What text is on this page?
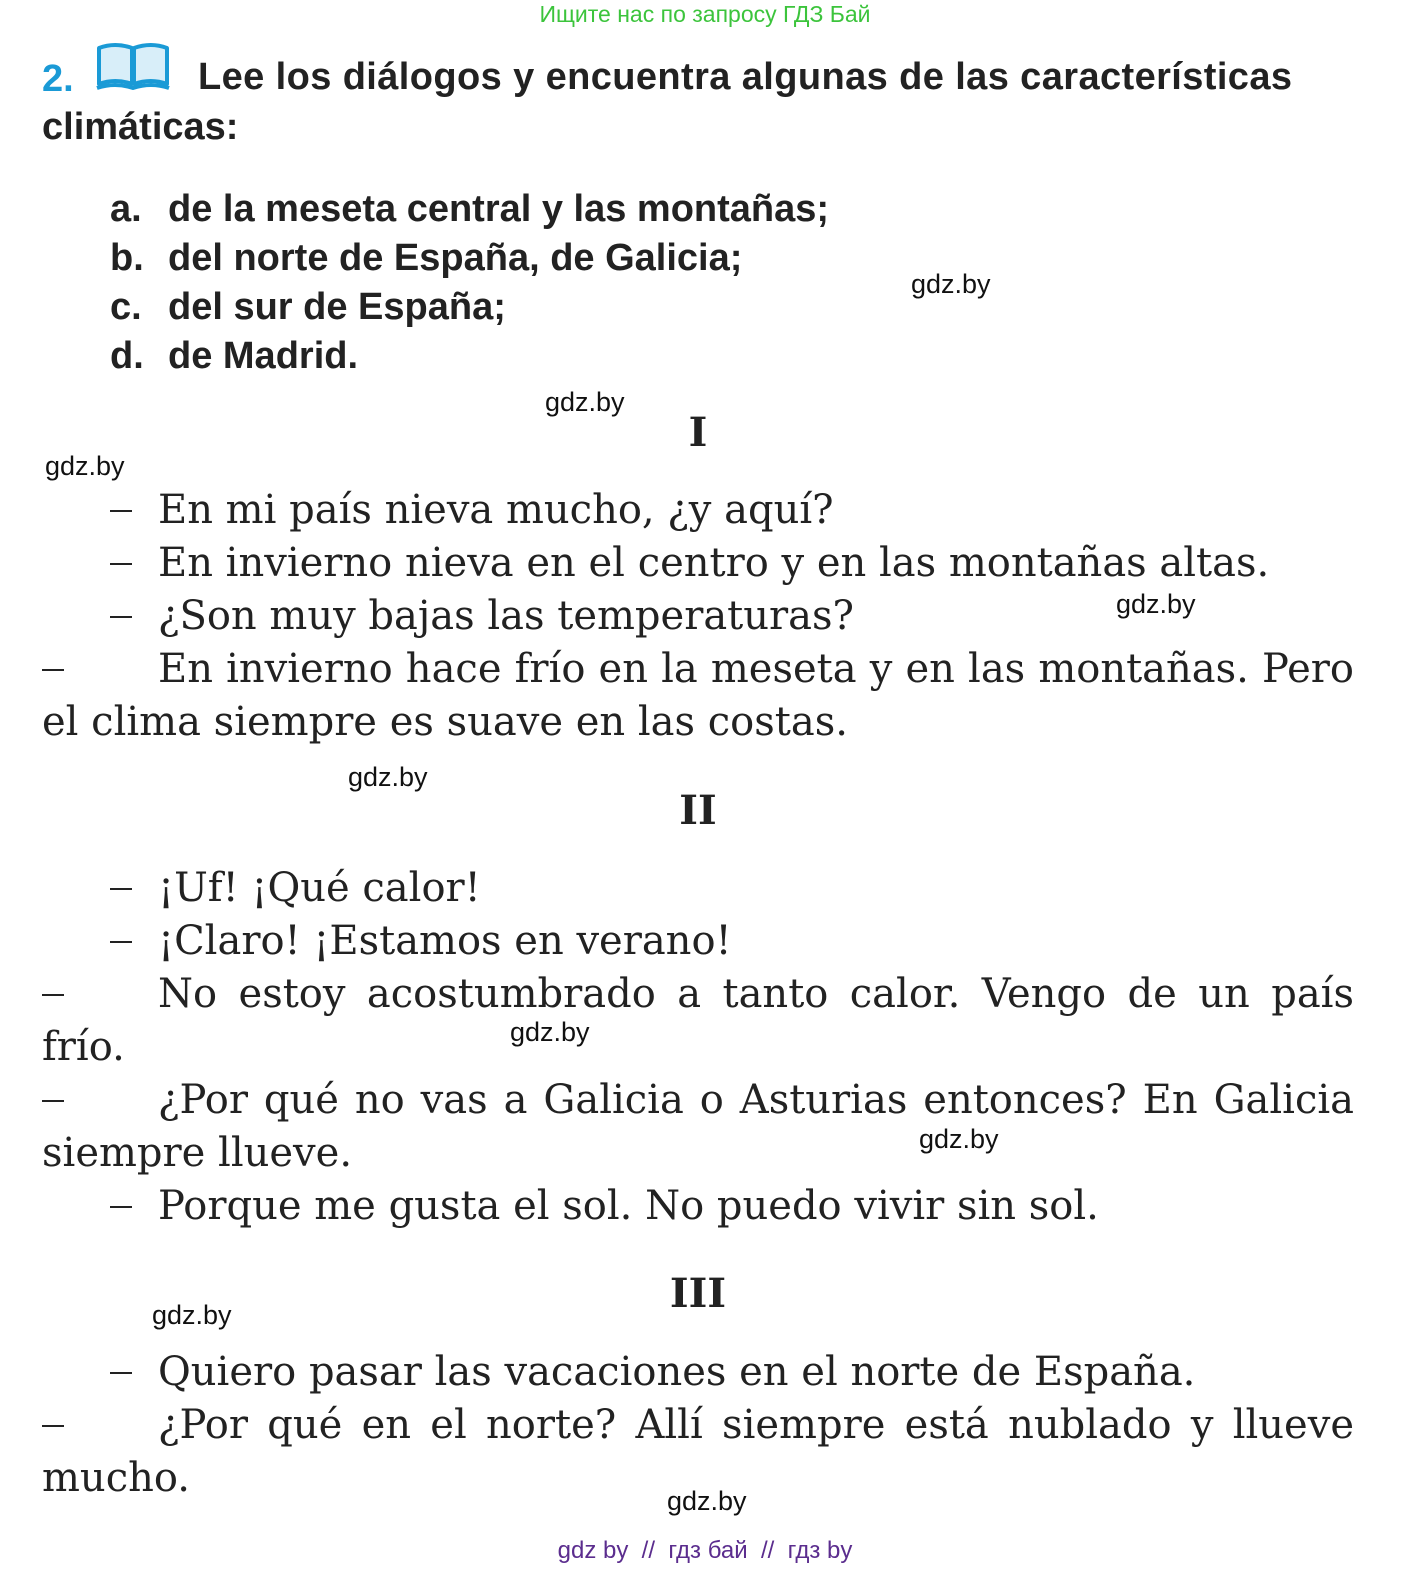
Ищите нас по запросу ГДЗ Бай
2.	Lee los diálogos y encuentra algunas de las características
climáticas:
a. de la meseta central y las montañas;
b. del norte de España, de Galicia;
c. del sur de España;
d. de Madrid.
gdz.by
gdz.by
gdz.by
gdz.by
gdz.by
gdz.by
gdz.by
gdz.by
gdz.by
I
En mi país nieva mucho, ¿y aquí?
En invierno nieva en el centro y en las montañas altas.
¿Son muy bajas las temperaturas?
En invierno hace frío en la meseta y en las montañas. Pero
el clima siempre es suave en las costas.
II
¡Uf! ¡Qué calor!
¡Claro! ¡Estamos en verano!
No estoy acostumbrado a tanto calor. Vengo de un país
frío.
¿Por qué no vas a Galicia o Asturias entonces? En Galicia
siempre llueve.
Porque me gusta el sol. No puedo vivir sin sol.
III
Quiero pasar las vacaciones en el norte de España.
¿Por qué en el norte? Allí siempre está nublado y llueve
mucho.
gdz by  //  гдз бай  //  гдз by
